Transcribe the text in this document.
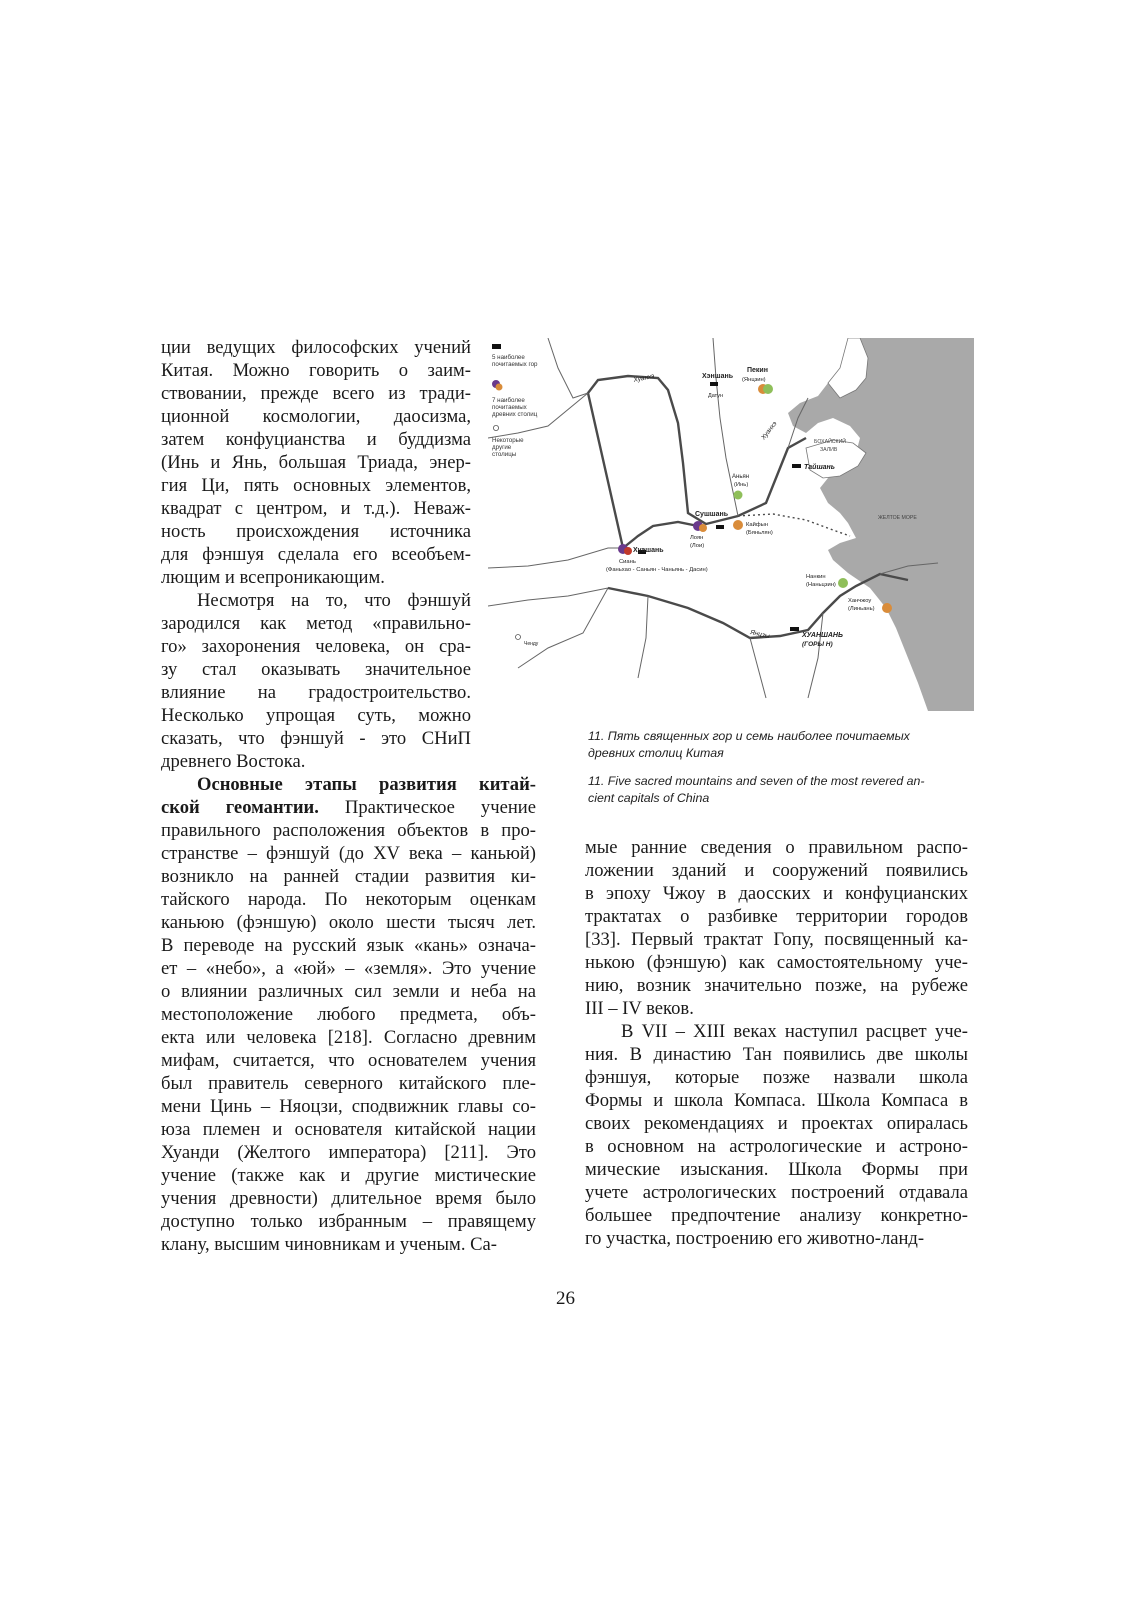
ции ведущих философских учений
Китая. Можно говорить о заим-
ствовании, прежде всего из тради-
ционной космологии, даосизма,
затем конфуцианства и буддизма
(Инь и Янь, большая Триада, энер-
гия Ци, пять основных элементов,
квадрат с центром, и т.д.). Неваж-
ность происхождения источника
для фэншуя сделала его всеобъем-
лющим и всепроникающим.

Несмотря на то, что фэншуй
зародился как метод «правильно-
го» захоронения человека, он сра-
зу стал оказывать значительное
влияние на градостроительство.
Несколько упрощая суть, можно
сказать, что фэншуй - это СНиП
древнего Востока.

Основные этапы развития китай-
ской геомантии. Практическое учение
правильного расположения объектов в про-
странстве – фэншуй (до XV века – каньюй)
возникло на ранней стадии развития ки-
тайского народа. По некоторым оценкам
каньюю (фэншую) около шести тысяч лет.
В переводе на русский язык «кань» означа-
ет – «небо», а «юй» – «земля». Это учение
о влиянии различных сил земли и неба на
местоположение любого предмета, объ-
екта или человека [218]. Согласно древним
мифам, считается, что основателем учения
был правитель северного китайского пле-
мени Цинь – Няоцзи, сподвижник главы со-
юза племен и основателя китайской нации
Хуанди (Желтого императора) [211]. Это
учение (также как и другие мистические
учения древности) длительное время было
доступно только избранным – правящему
клану, высшим чиновникам и ученым. Са-

5 наиболее
почитаемых гор
7 наиболее
почитаемых
древних столиц
Некоторые
другие
столицы
Хуанхэ	Хэншань
Датун
Пекин
(Янцзин)
БОХАЙСКИЙ
ЗАЛИВ
Хуанхэ
Тайшань
Аньян
(Инь)
Сушшань
Лоян
(Лои)
Кайфын
(Бяньлян)
ЖЕЛТОЕ МОРЕ
Хуашань
Сиань
(Фаньхао - Саньян - Чаньянь - Дасин)
Нанкин
(Наньцзин)
Ханчжоу
(Линьань)
Ченду
Янцзы	ХУАНШАНЬ
(ГОРЫ Н)
11. Пять священных гор и семь наиболее почитаемых
древних столиц Китая
11. Five sacred mountains and seven of the most revered an-
cient capitals of China

мые ранние сведения о правильном распо-
ложении зданий и сооружений появились
в эпоху Чжоу в даосских и конфуцианских
трактатах о разбивке территории городов
[33]. Первый трактат Гопу, посвященный ка-
нькою (фэншую) как самостоятельному уче-
нию, возник значительно позже, на рубеже
III – IV веков.

В VII – XIII веках наступил расцвет уче-
ния. В династию Тан появились две школы
фэншуя, которые позже назвали школа
Формы и школа Компаса. Школа Компаса в
своих рекомендациях и проектах опиралась
в основном на астрологические и астроно-
мические изыскания. Школа Формы при
учете астрологических построений отдавала
большее предпочтение анализу конкретно-
го участка, построению его животно-ланд-

26
